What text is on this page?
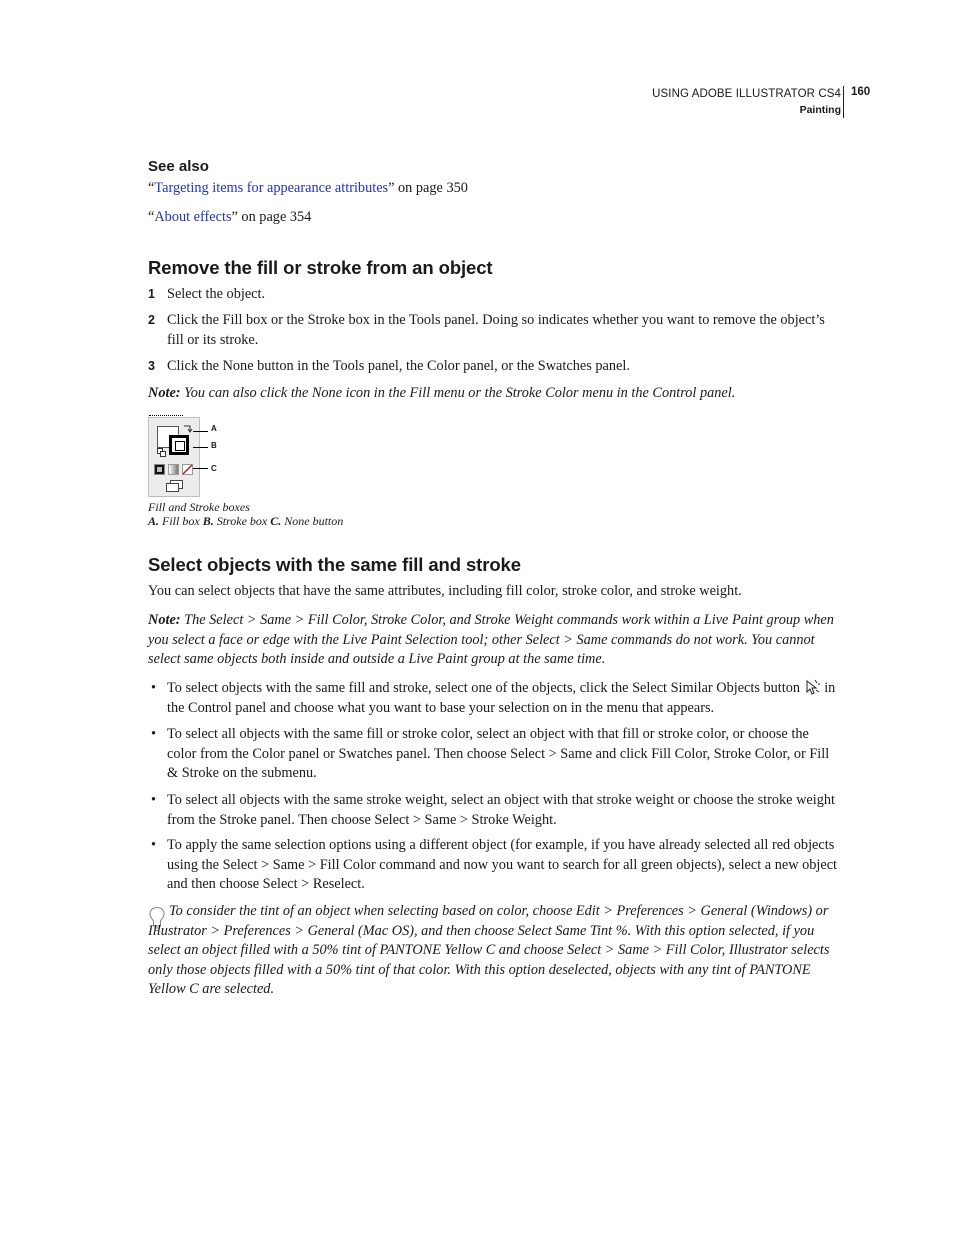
USING ADOBE ILLUSTRATOR CS4
Painting
160
See also
“Targeting items for appearance attributes” on page 350
“About effects” on page 354
Remove the fill or stroke from an object
1 Select the object.
2 Click the Fill box or the Stroke box in the Tools panel. Doing so indicates whether you want to remove the object’s fill or its stroke.
3 Click the None button in the Tools panel, the Color panel, or the Swatches panel.
Note: You can also click the None icon in the Fill menu or the Stroke Color menu in the Control panel.
A
B
C
Fill and Stroke boxes
A. Fill box B. Stroke box C. None button
Select objects with the same fill and stroke
You can select objects that have the same attributes, including fill color, stroke color, and stroke weight.
Note: The Select > Same > Fill Color, Stroke Color, and Stroke Weight commands work within a Live Paint group when you select a face or edge with the Live Paint Selection tool; other Select > Same commands do not work. You cannot select same objects both inside and outside a Live Paint group at the same time.
• To select objects with the same fill and stroke, select one of the objects, click the Select Similar Objects button  in the Control panel and choose what you want to base your selection on in the menu that appears.
• To select all objects with the same fill or stroke color, select an object with that fill or stroke color, or choose the color from the Color panel or Swatches panel. Then choose Select > Same and click Fill Color, Stroke Color, or Fill & Stroke on the submenu.
• To select all objects with the same stroke weight, select an object with that stroke weight or choose the stroke weight from the Stroke panel. Then choose Select > Same > Stroke Weight.
• To apply the same selection options using a different object (for example, if you have already selected all red objects using the Select > Same > Fill Color command and now you want to search for all green objects), select a new object and then choose Select > Reselect.
To consider the tint of an object when selecting based on color, choose Edit > Preferences > General (Windows) or Illustrator > Preferences > General (Mac OS), and then choose Select Same Tint %. With this option selected, if you select an object filled with a 50% tint of PANTONE Yellow C and choose Select > Same > Fill Color, Illustrator selects only those objects filled with a 50% tint of that color. With this option deselected, objects with any tint of PANTONE Yellow C are selected.
